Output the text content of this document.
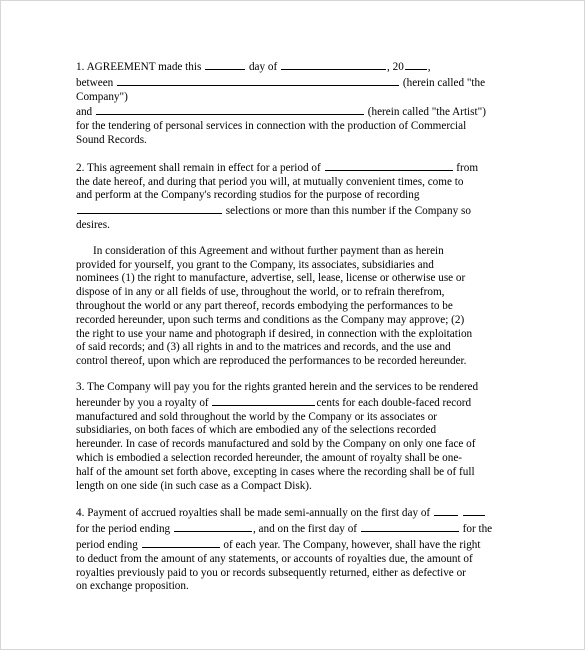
1. AGREEMENT made this	day of	, 20 ,
between	(herein called "the
Company")
and	(herein called "the Artist")
for the tendering of personal services in connection with the production of Commercial
Sound Records.
2. This agreement shall remain in effect for a period of	from
the date hereof, and during that period you will, at mutually convenient times, come to
and perform at the Company's recording studios for the purpose of recording
selections or more than this number if the Company so
desires.
In consideration of this Agreement and without further payment than as herein
provided for yourself, you grant to the Company, its associates, subsidiaries and
nominees (1) the right to manufacture, advertise, sell, lease, license or otherwise use or
dispose of in any or all fields of use, throughout the world, or to refrain therefrom,
throughout the world or any part thereof, records embodying the performances to be
recorded hereunder, upon such terms and conditions as the Company may approve; (2)
the right to use your name and photograph if desired, in connection with the exploitation
of said records; and (3) all rights in and to the matrices and records, and the use and
control thereof, upon which are reproduced the performances to be recorded hereunder.
3. The Company will pay you for the rights granted herein and the services to be rendered
hereunder by you a royalty of	cents for each double-faced record
manufactured and sold throughout the world by the Company or its associates or
subsidiaries, on both faces of which are embodied any of the selections recorded
hereunder. In case of records manufactured and sold by the Company on only one face of
which is embodied a selection recorded hereunder, the amount of royalty shall be one-
half of the amount set forth above, excepting in cases where the recording shall be of full
length on one side (in such case as a Compact Disk).
4. Payment of accrued royalties shall be made semi-annually on the first day of
for the period ending	, and on the first day of	for the
period ending	of each year. The Company, however, shall have the right
to deduct from the amount of any statements, or accounts of royalties due, the amount of
royalties previously paid to you or records subsequently returned, either as defective or
on exchange proposition.
